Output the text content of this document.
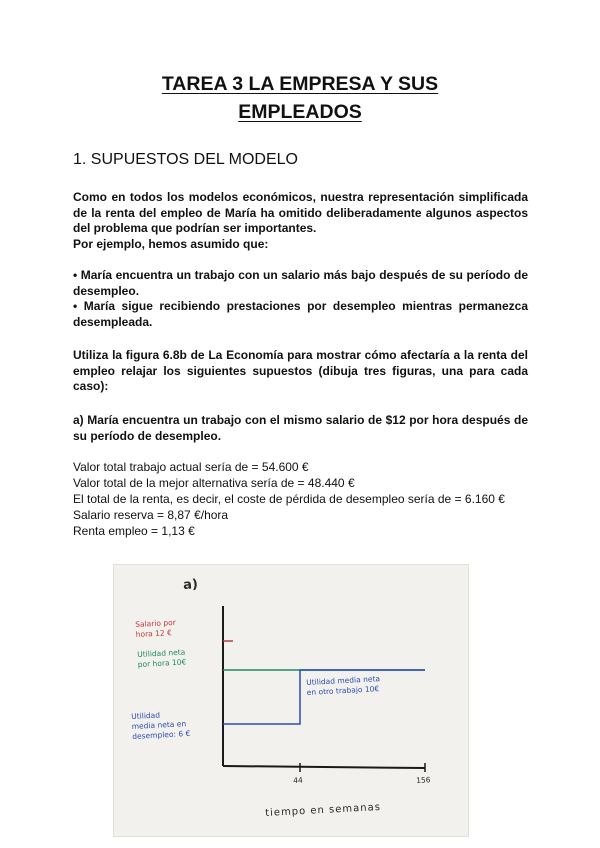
TAREA 3 LA EMPRESA Y SUS
EMPLEADOS
1. SUPUESTOS DEL MODELO
Como en todos los modelos económicos, nuestra representación simplificada de la renta del empleo de María ha omitido deliberadamente algunos aspectos del problema que podrían ser importantes.
Por ejemplo, hemos asumido que:
• María encuentra un trabajo con un salario más bajo después de su período de desempleo.
• María sigue recibiendo prestaciones por desempleo mientras permanezca desempleada.
Utiliza la figura 6.8b de La Economía para mostrar cómo afectaría a la renta del empleo relajar los siguientes supuestos (dibuja tres figuras, una para cada caso):
a) María encuentra un trabajo con el mismo salario de $12 por hora después de su período de desempleo.
Valor total trabajo actual sería de = 54.600 €
Valor total de la mejor alternativa sería de = 48.440 €
El total de la renta, es decir, el coste de pérdida de desempleo sería de = 6.160 €
Salario reserva = 8,87 €/hora
Renta empleo = 1,13 €
a)
Salario por
hora 12 €
Utilidad neta
por hora 10€
Utilidad media neta
en otro trabajo 10€
Utilidad
media neta en
desempleo: 6 €
44	156
tiempo en semanas
